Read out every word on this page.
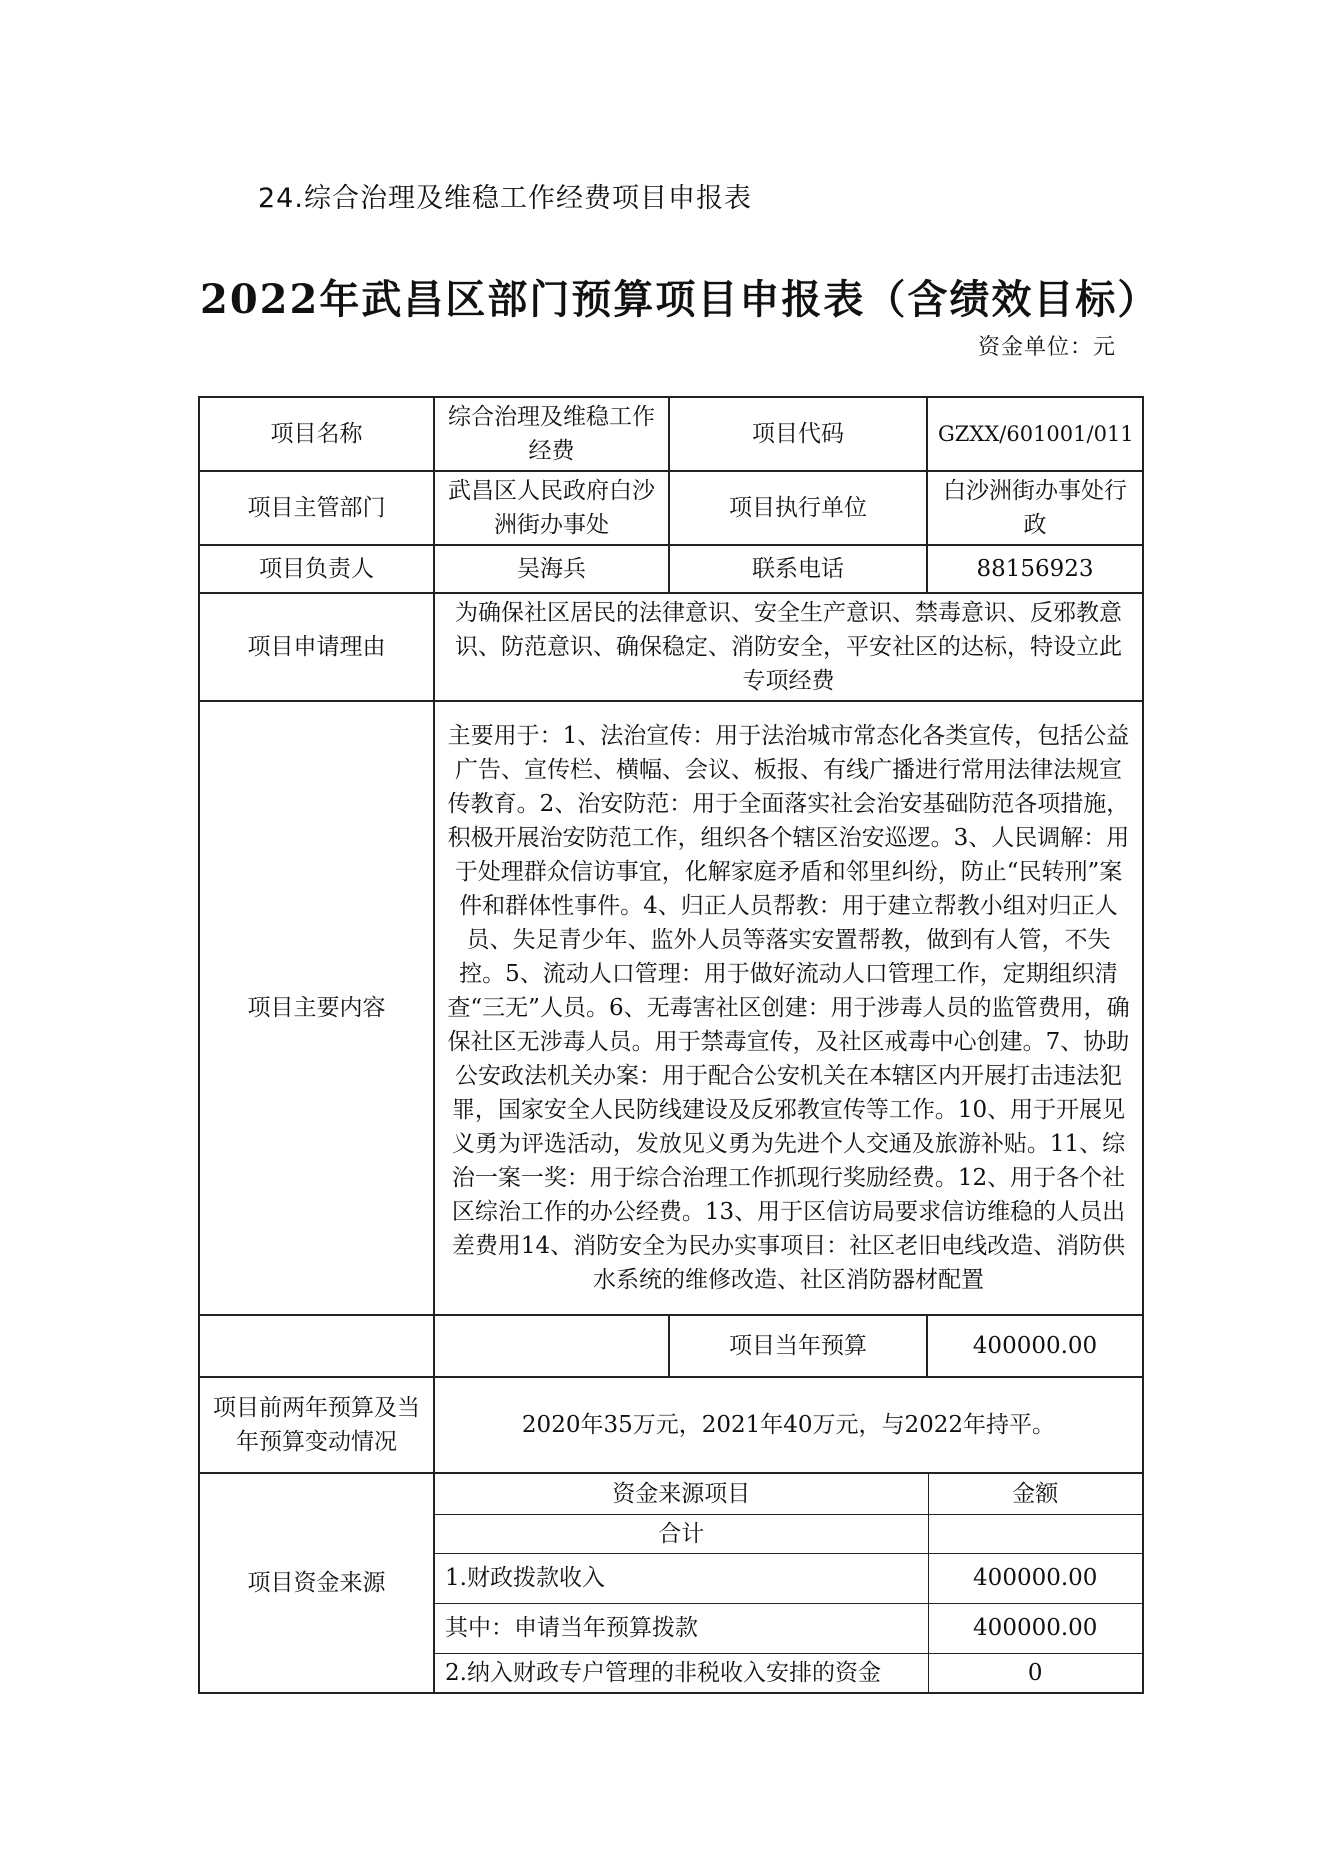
24.综合治理及维稳工作经费项目申报表
2022年武昌区部门预算项目申报表（含绩效目标）
资金单位：元
项目名称	综合治理及维稳工作经费	项目代码	GZXX/601001/011
项目主管部门	武昌区人民政府白沙洲街办事处	项目执行单位	白沙洲街办事处行政
项目负责人	吴海兵	联系电话	88156923
项目申请理由	为确保社区居民的法律意识、安全生产意识、禁毒意识、反邪教意识、防范意识、确保稳定、消防安全，平安社区的达标，特设立此专项经费
项目主要内容	主要用于：1、法治宣传：用于法治城市常态化各类宣传，包括公益广告、宣传栏、横幅、会议、板报、有线广播进行常用法律法规宣传教育。2、治安防范：用于全面落实社会治安基础防范各项措施，积极开展治安防范工作，组织各个辖区治安巡逻。3、人民调解：用于处理群众信访事宜，化解家庭矛盾和邻里纠纷，防止“民转刑”案件和群体性事件。4、归正人员帮教：用于建立帮教小组对归正人员、失足青少年、监外人员等落实安置帮教，做到有人管，不失控。5、流动人口管理：用于做好流动人口管理工作，定期组织清查“三无”人员。6、无毒害社区创建：用于涉毒人员的监管费用，确保社区无涉毒人员。用于禁毒宣传，及社区戒毒中心创建。7、协助公安政法机关办案：用于配合公安机关在本辖区内开展打击违法犯罪，国家安全人民防线建设及反邪教宣传等工作。10、用于开展见义勇为评选活动，发放见义勇为先进个人交通及旅游补贴。11、综治一案一奖：用于综合治理工作抓现行奖励经费。12、用于各个社区综治工作的办公经费。13、用于区信访局要求信访维稳的人员出差费用14、消防安全为民办实事项目：社区老旧电线改造、消防供水系统的维修改造、社区消防器材配置
		项目当年预算	400000.00
项目前两年预算及当年预算变动情况	2020年35万元，2021年40万元，与2022年持平。
项目资金来源	
资金来源项目	金额
合计	
1.财政拨款收入	400000.00
其中：申请当年预算拨款	400000.00
2.纳入财政专户管理的非税收入安排的资金	0
